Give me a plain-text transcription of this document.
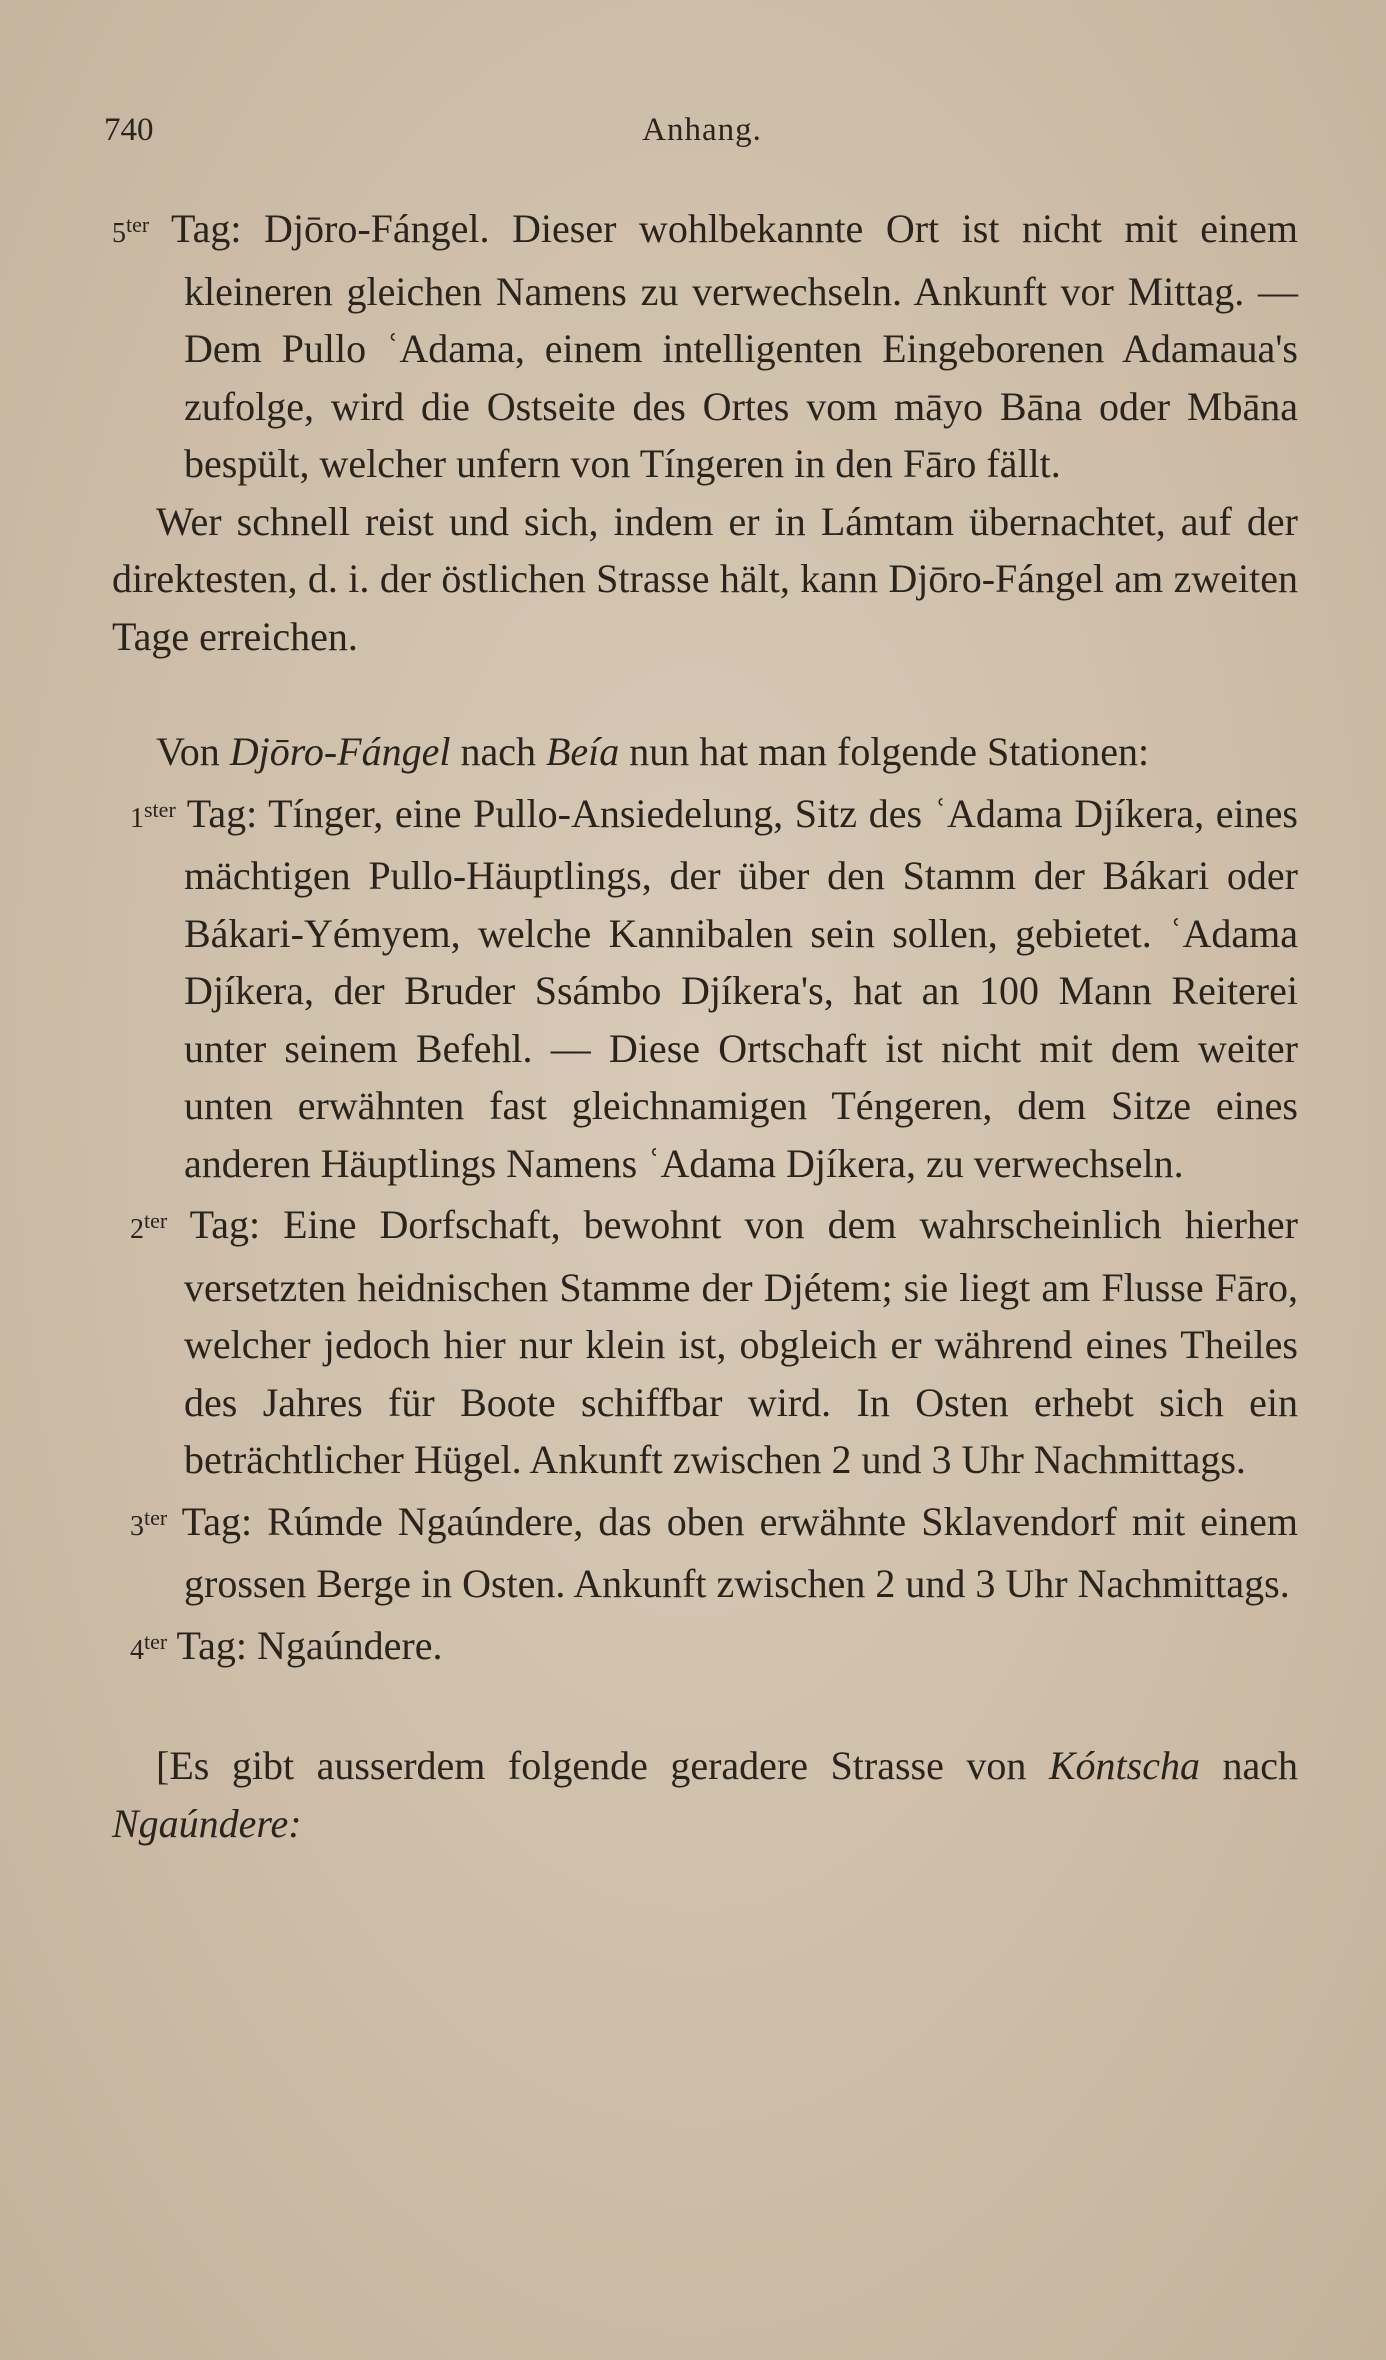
740	Anhang.

$5^{ter}$ Tag: Djōro-Fángel. Dieser wohlbekannte Ort ist nicht mit einem kleineren gleichen Namens zu verwechseln. Ankunft vor Mittag. — Dem Pullo ʿAdama, einem intelligenten Eingeborenen Adamaua's zufolge, wird die Ostseite des Ortes vom māyo Bāna oder Mbāna bespült, welcher unfern von Tíngeren in den Fāro fällt.

Wer schnell reist und sich, indem er in Lámtam übernachtet, auf der direktesten, d. i. der östlichen Strasse hält, kann Djōro-Fángel am zweiten Tage erreichen.

Von Djōro-Fángel nach Beía nun hat man folgende Stationen:

$1^{ster}$ Tag: Tínger, eine Pullo-Ansiedelung, Sitz des ʿAdama Djíkera, eines mächtigen Pullo-Häuptlings, der über den Stamm der Bákari oder Bákari-Yémyem, welche Kannibalen sein sollen, gebietet. ʿAdama Djíkera, der Bruder Ssámbo Djíkera's, hat an 100 Mann Reiterei unter seinem Befehl. — Diese Ortschaft ist nicht mit dem weiter unten erwähnten fast gleichnamigen Téngeren, dem Sitze eines anderen Häuptlings Namens ʿAdama Djíkera, zu verwechseln.

$2^{ter}$ Tag: Eine Dorfschaft, bewohnt von dem wahrscheinlich hierher versetzten heidnischen Stamme der Djétem; sie liegt am Flusse Fāro, welcher jedoch hier nur klein ist, obgleich er während eines Theiles des Jahres für Boote schiffbar wird. In Osten erhebt sich ein beträchtlicher Hügel. Ankunft zwischen 2 und 3 Uhr Nachmittags.

$3^{ter}$ Tag: Rúmde Ngaúndere, das oben erwähnte Sklavendorf mit einem grossen Berge in Osten. Ankunft zwischen 2 und 3 Uhr Nachmittags.

$4^{ter}$ Tag: Ngaúndere.

[Es gibt ausserdem folgende geradere Strasse von Kóntscha nach Ngaúndere:
